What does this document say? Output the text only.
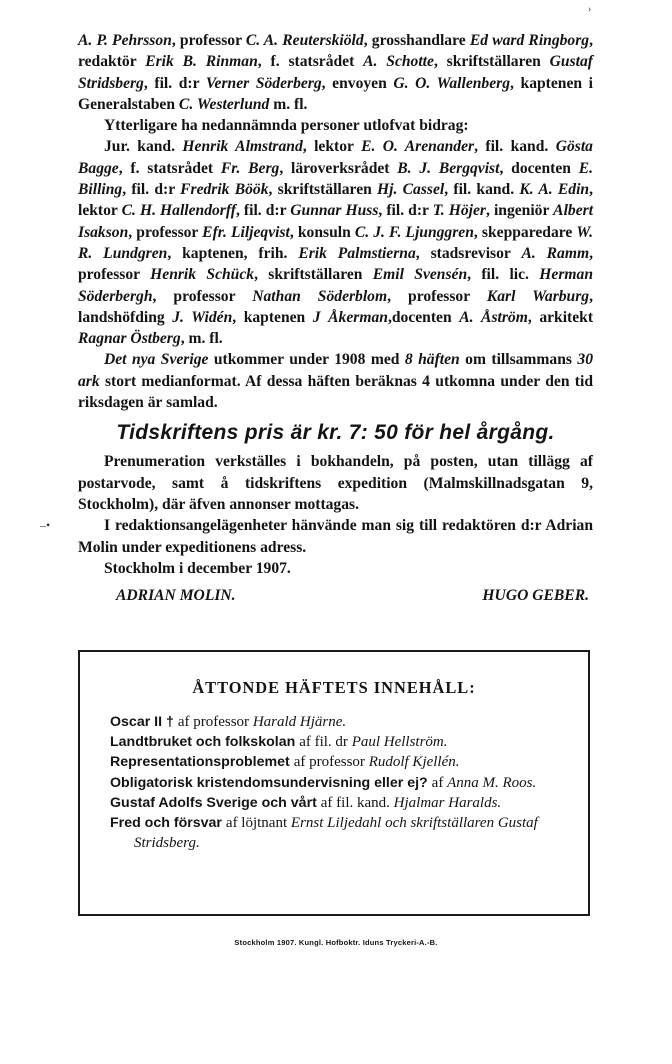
A. P. Pehrsson, professor C. A. Reuterskiöld, grosshandlare Ed ward Ringborg, redaktör Erik B. Rinman, f. statsrådet A. Schotte, skriftställaren Gustaf Stridsberg, fil. d:r Verner Söderberg, envoyen G. O. Wallenberg, kaptenen i Generalstaben C. Westerlund m. fl.

Ytterligare ha nedannämnda personer utlofvat bidrag:

Jur. kand. Henrik Almstrand, lektor E. O. Arenander, fil. kand. Gösta Bagge, f. statsrådet Fr. Berg, läroverksrådet B. J. Bergqvist, docenten E. Billing, fil. d:r Fredrik Böök, skriftställaren Hj. Cassel, fil. kand. K. A. Edin, lektor C. H. Hallendorff, fil. d:r Gunnar Huss, fil. d:r T. Höjer, ingeniör Albert Isakson, professor Efr. Liljeqvist, konsuln C. J. F. Ljunggren, skepparedare W. R. Lundgren, kaptenen, frih. Erik Palmstierna, stadsrevisor A. Ramm, professor Henrik Schück, skriftställaren Emil Svensén, fil. lic. Herman Söderbergh, professor Nathan Söderblom, professor Karl Warburg, landshöfding J. Widén, kaptenen J Åkerman,docenten A. Åström, arkitekt Ragnar Östberg, m. fl.

Det nya Sverige utkommer under 1908 med 8 häften om tillsammans 30 ark stort medianformat. Af dessa häften beräknas 4 utkomna under den tid riksdagen är samlad.

Tidskriftens pris är kr. 7: 50 för hel årgång.

Prenumeration verkställes i bokhandeln, på posten, utan tillägg af postarvode, samt å tidskriftens expedition (Malmskillnadsgatan 9, Stockholm), där äfven annonser mottagas.

I redaktionsangelägenheter hänvände man sig till redaktören d:r Adrian Molin under expeditionens adress.

Stockholm i december 1907.

ADRIAN MOLIN.	HUGO GEBER.
ÅTTONDE HÄFTETS INNEHÅLL:

Oscar II † af professor Harald Hjärne.

Landtbruket och folkskolan af fil. dr Paul Hellström.

Representationsproblemet af professor Rudolf Kjellén.

Obligatorisk kristendomsundervisning eller ej? af Anna M. Roos.

Gustaf Adolfs Sverige och vårt af fil. kand. Hjalmar Haralds.

Fred och försvar af löjtnant Ernst Liljedahl och skriftställaren Gustaf Stridsberg.

Stockholm 1907. Kungl. Hofboktr. Iduns Tryckeri-A.-B.
–•
›
